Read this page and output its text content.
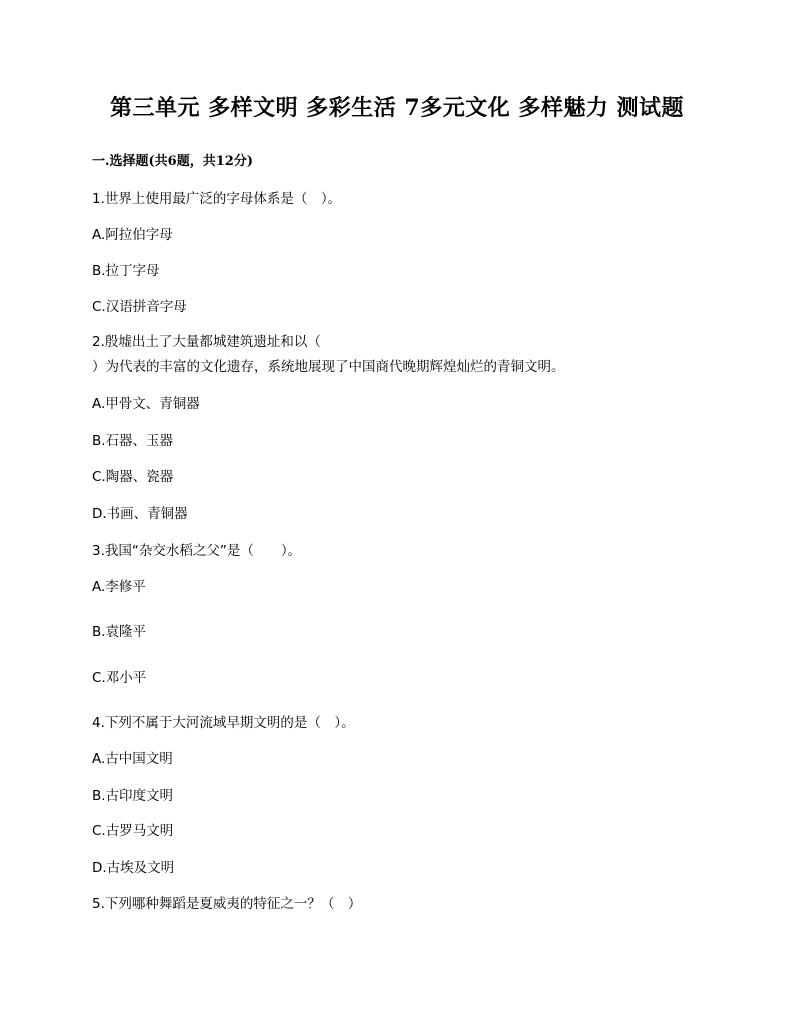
第三单元 多样文明 多彩生活 7多元文化 多样魅力 测试题
一.选择题(共6题，共12分)
1.世界上使用最广泛的字母体系是（　）。
A.阿拉伯字母
B.拉丁字母
C.汉语拼音字母
2.殷墟出土了大量都城建筑遗址和以（
）为代表的丰富的文化遗存，系统地展现了中国商代晚期辉煌灿烂的青铜文明。
A.甲骨文、青铜器
B.石器、玉器
C.陶器、瓷器
D.书画、青铜器
3.我国“杂交水稻之父”是（　　）。
A.李修平
B.袁隆平
C.邓小平
4.下列不属于大河流域早期文明的是（　）。
A.古中国文明
B.古印度文明
C.古罗马文明
D.古埃及文明
5.下列哪种舞蹈是夏威夷的特征之一？（　）
